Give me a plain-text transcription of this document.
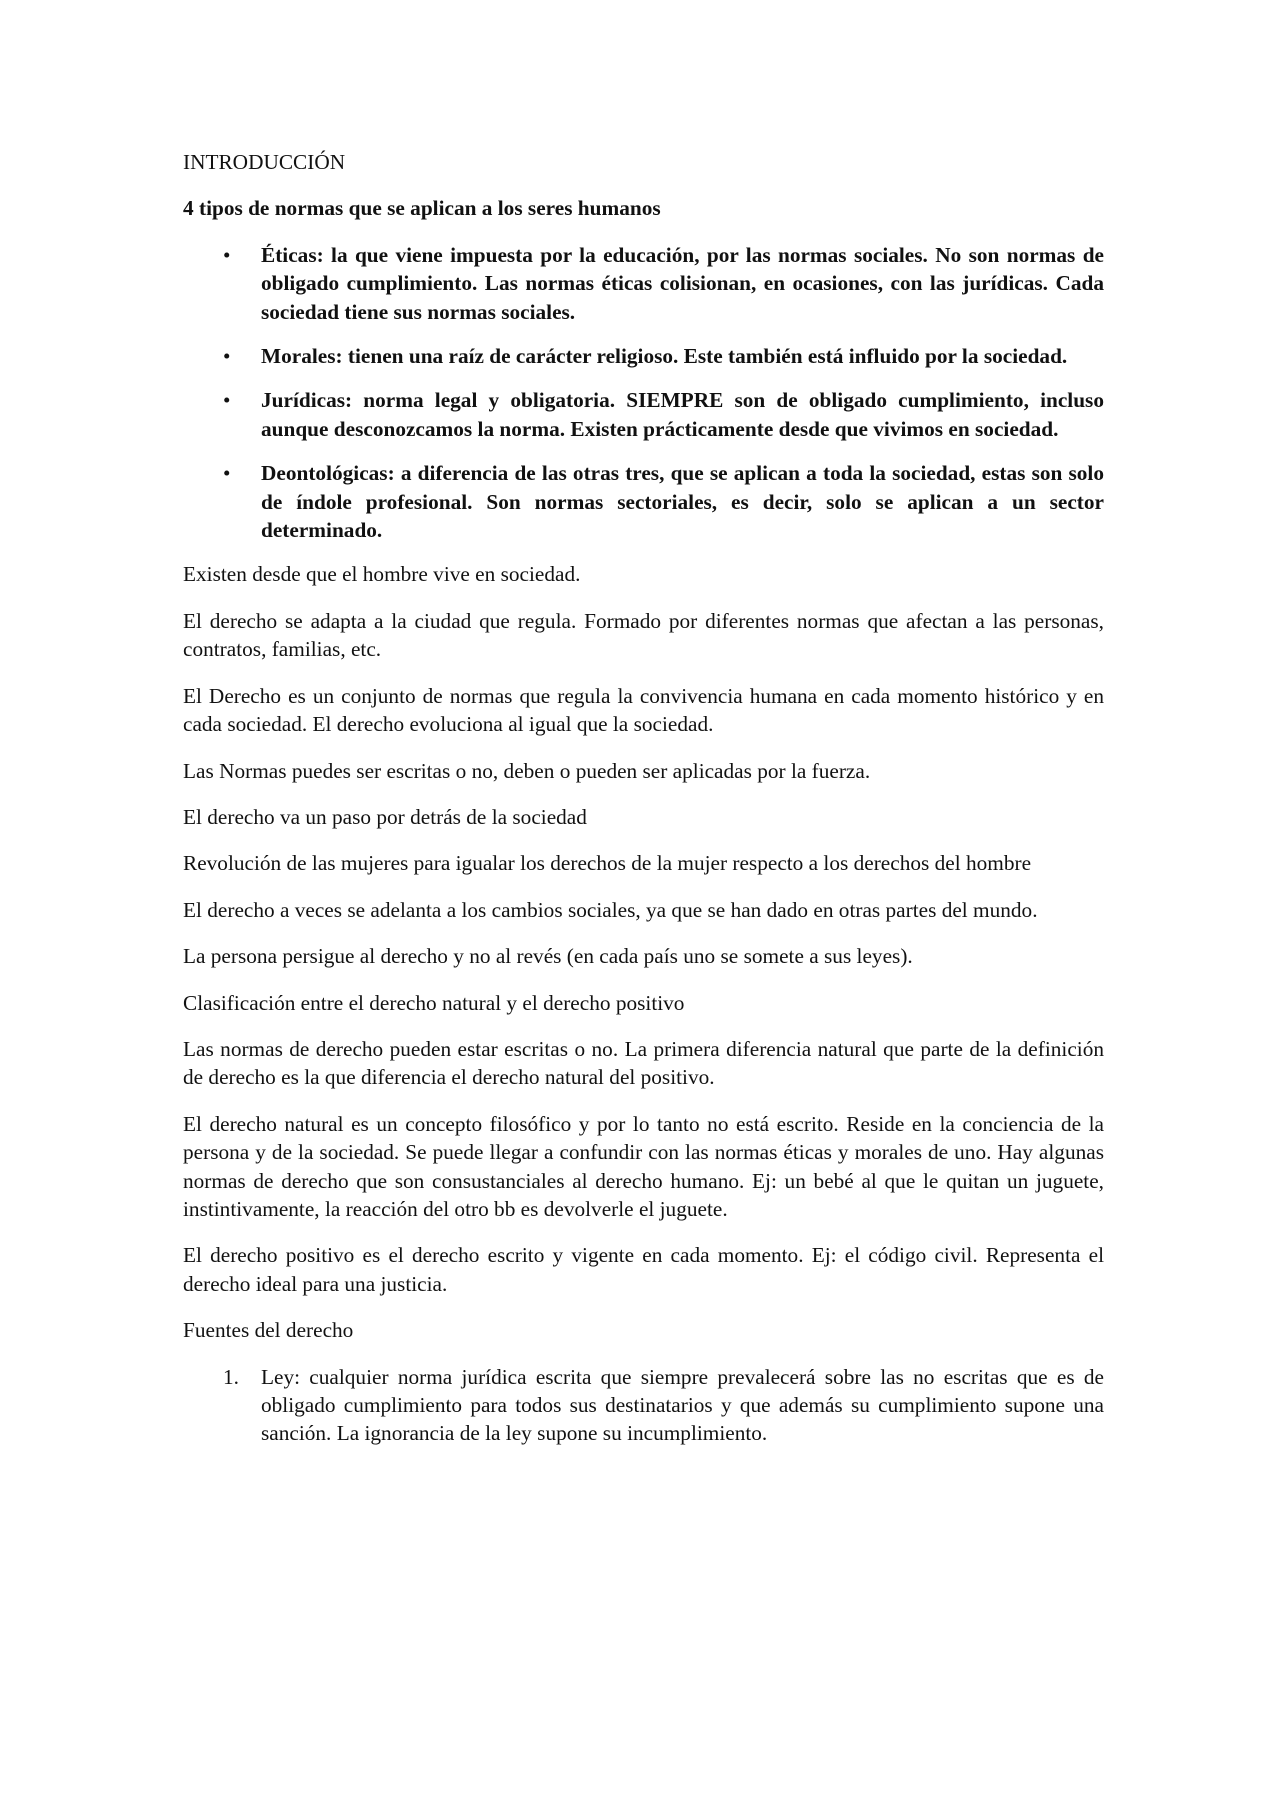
INTRODUCCIÓN

4 tipos de normas que se aplican a los seres humanos

• Éticas: la que viene impuesta por la educación, por las normas sociales. No son normas de obligado cumplimiento. Las normas éticas colisionan, en ocasiones, con las jurídicas. Cada sociedad tiene sus normas sociales.
• Morales: tienen una raíz de carácter religioso. Este también está influido por la sociedad.
• Jurídicas: norma legal y obligatoria. SIEMPRE son de obligado cumplimiento, incluso aunque desconozcamos la norma. Existen prácticamente desde que vivimos en sociedad.
• Deontológicas: a diferencia de las otras tres, que se aplican a toda la sociedad, estas son solo de índole profesional. Son normas sectoriales, es decir, solo se aplican a un sector determinado.

Existen desde que el hombre vive en sociedad.

El derecho se adapta a la ciudad que regula. Formado por diferentes normas que afectan a las personas, contratos, familias, etc.

El Derecho es un conjunto de normas que regula la convivencia humana en cada momento histórico y en cada sociedad. El derecho evoluciona al igual que la sociedad.

Las Normas puedes ser escritas o no, deben o pueden ser aplicadas por la fuerza.

El derecho va un paso por detrás de la sociedad

Revolución de las mujeres para igualar los derechos de la mujer respecto a los derechos del hombre

El derecho a veces se adelanta a los cambios sociales, ya que se han dado en otras partes del mundo.

La persona persigue al derecho y no al revés (en cada país uno se somete a sus leyes).

Clasificación entre el derecho natural y el derecho positivo

Las normas de derecho pueden estar escritas o no. La primera diferencia natural que parte de la definición de derecho es la que diferencia el derecho natural del positivo.

El derecho natural es un concepto filosófico y por lo tanto no está escrito. Reside en la conciencia de la persona y de la sociedad. Se puede llegar a confundir con las normas éticas y morales de uno. Hay algunas normas de derecho que son consustanciales al derecho humano. Ej: un bebé al que le quitan un juguete, instintivamente, la reacción del otro bb es devolverle el juguete.

El derecho positivo es el derecho escrito y vigente en cada momento. Ej: el código civil. Representa el derecho ideal para una justicia.

Fuentes del derecho

1. Ley: cualquier norma jurídica escrita que siempre prevalecerá sobre las no escritas que es de obligado cumplimiento para todos sus destinatarios y que además su cumplimiento supone una sanción. La ignorancia de la ley supone su incumplimiento.
